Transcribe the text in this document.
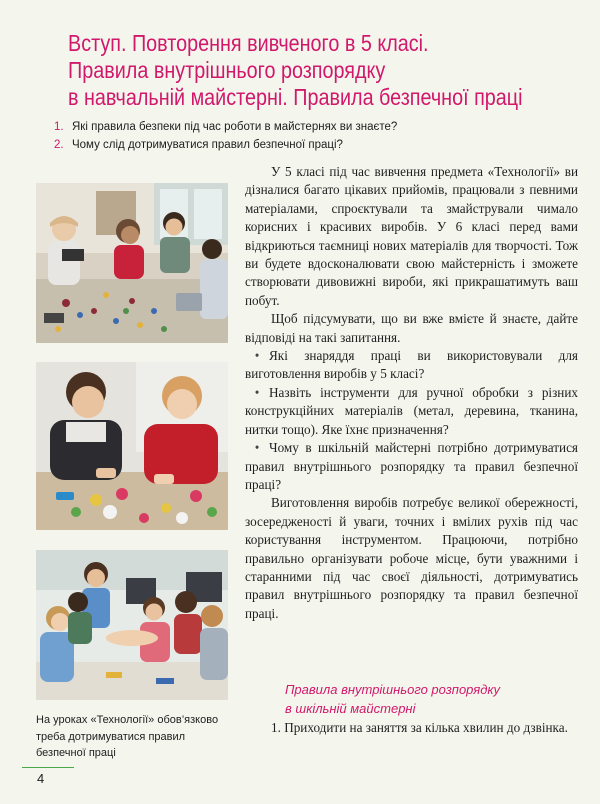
Вступ. Повторення вивченого в 5 класі.
Правила внутрішнього розпорядку
в навчальній майстерні. Правила безпечної праці
1. Які правила безпеки під час роботи в майстернях ви знаєте?
2. Чому слід дотримуватися правил безпечної праці?
На уроках «Технології» обов’язково треба дотримуватися правил безпечної праці

У 5 класі під час вивчення предмета «Технології» ви дізналися багато цікавих прийомів, працювали з певними матеріалами, спроєктували та змайстрували чимало корисних і красивих виробів. У 6 класі перед вами відкриються таємниці нових матеріалів для творчості. Тож ви будете вдосконалювати свою майстерність і зможете створювати дивовижні вироби, які прикрашатимуть ваш побут.

Щоб підсумувати, що ви вже вмієте й знаєте, дайте відповіді на такі запитання.

• Які знаряддя праці ви використовували для виготовлення виробів у 5 класі?

• Назвіть інструменти для ручної обробки з різних конструкційних матеріалів (метал, деревина, тканина, нитки тощо). Яке їхнє призначення?

• Чому в шкільній майстерні потрібно дотримуватися правил внутрішнього розпорядку та правил безпечної праці?

Виготовлення виробів потребує великої обережності, зосередженості й уваги, точних і вмілих рухів під час користування інструментом. Працюючи, потрібно правильно організувати робоче місце, бути уважними і старанними під час своєї діяльності, дотримуватись правил внутрішнього розпорядку та правил безпечної праці.

Правила внутрішнього розпорядку
в шкільній майстерні

1. Приходити на заняття за кілька хвилин до дзвінка.

4
